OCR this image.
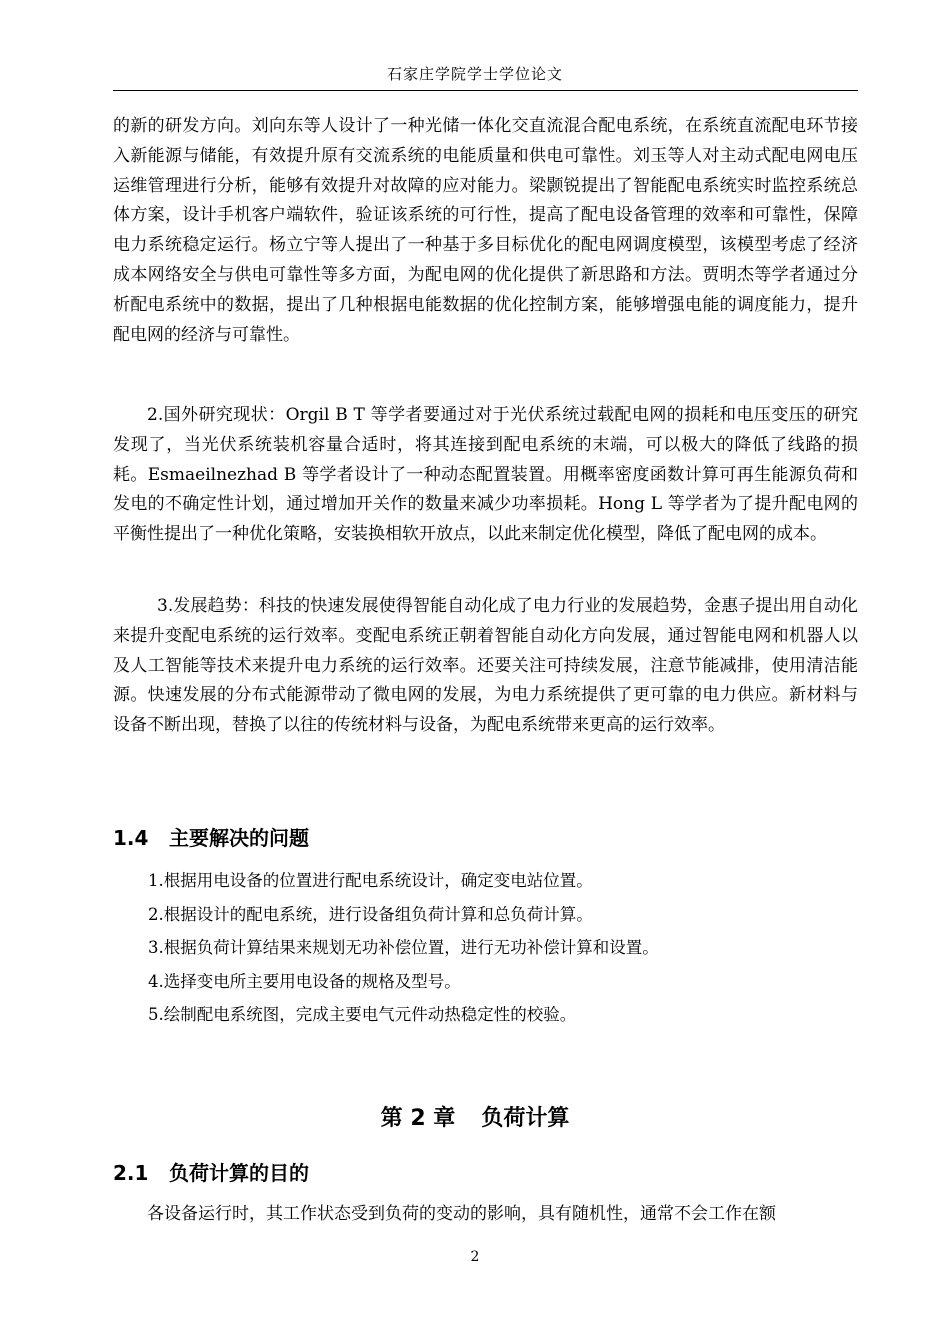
石家庄学院学士学位论文

的新的研发方向。刘向东等人设计了一种光储一体化交直流混合配电系统，在系统直流配电环节接入新能源与储能，有效提升原有交流系统的电能质量和供电可靠性。刘玉等人对主动式配电网电压运维管理进行分析，能够有效提升对故障的应对能力。梁颢锐提出了智能配电系统实时监控系统总体方案，设计手机客户端软件，验证该系统的可行性，提高了配电设备管理的效率和可靠性，保障电力系统稳定运行。杨立宁等人提出了一种基于多目标优化的配电网调度模型，该模型考虑了经济成本网络安全与供电可靠性等多方面，为配电网的优化提供了新思路和方法。贾明杰等学者通过分析配电系统中的数据，提出了几种根据电能数据的优化控制方案，能够增强电能的调度能力，提升配电网的经济与可靠性。

2.国外研究现状：Orgil B T 等学者要通过对于光伏系统过载配电网的损耗和电压变压的研究发现了，当光伏系统装机容量合适时，将其连接到配电系统的末端，可以极大的降低了线路的损耗。Esmaeilnezhad B 等学者设计了一种动态配置装置。用概率密度函数计算可再生能源负荷和发电的不确定性计划，通过增加开关作的数量来减少功率损耗。Hong L 等学者为了提升配电网的平衡性提出了一种优化策略，安装换相软开放点，以此来制定优化模型，降低了配电网的成本。

3.发展趋势：科技的快速发展使得智能自动化成了电力行业的发展趋势，金惠子提出用自动化来提升变配电系统的运行效率。变配电系统正朝着智能自动化方向发展，通过智能电网和机器人以及人工智能等技术来提升电力系统的运行效率。还要关注可持续发展，注意节能减排，使用清洁能源。快速发展的分布式能源带动了微电网的发展，为电力系统提供了更可靠的电力供应。新材料与设备不断出现，替换了以往的传统材料与设备，为配电系统带来更高的运行效率。

1.4 主要解决的问题
1.根据用电设备的位置进行配电系统设计，确定变电站位置。
2.根据设计的配电系统，进行设备组负荷计算和总负荷计算。
3.根据负荷计算结果来规划无功补偿位置，进行无功补偿计算和设置。
4.选择变电所主要用电设备的规格及型号。
5.绘制配电系统图，完成主要电气元件动热稳定性的校验。
第 2 章 负荷计算
2.1 负荷计算的目的

各设备运行时，其工作状态受到负荷的变动的影响，具有随机性，通常不会工作在额

2
